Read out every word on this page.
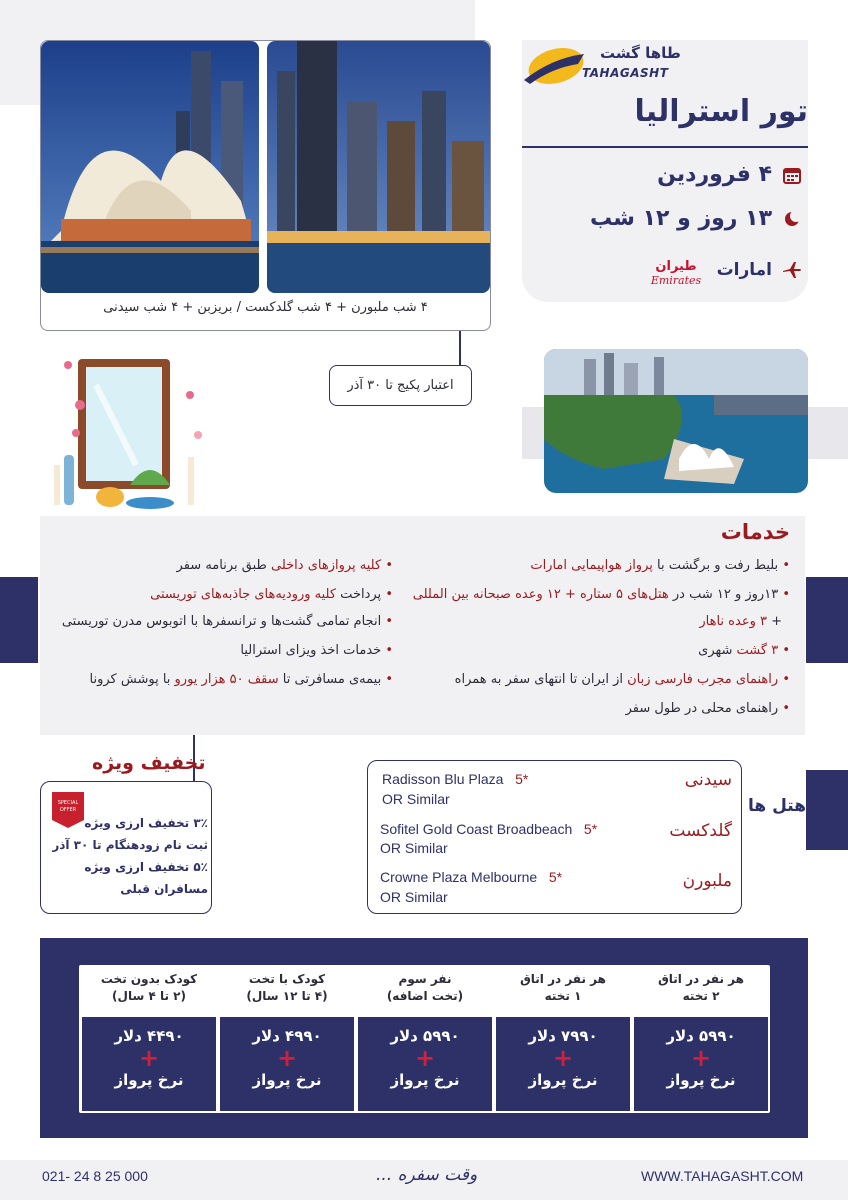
طاها گشت
TAHAGASHT
تور استرالیا
۴ فروردین
۱۳ روز و ۱۲ شب
امارات
ﻃﻴﺮﺍﻥ
Emirates
۴ شب ملبورن + ۴ شب گلدکست / بریزبن + ۴ شب سیدنی
اعتبار پکیج تا ۳۰ آذر
خدمات
• بلیط رفت و برگشت با پرواز هواپیمایی امارات
• ۱۳روز و ۱۲ شب در هتل‌های ۵ ستاره + ۱۲ وعده صبحانه بین المللی
+ ۳ وعده ناهار
• ۳ گشت شهری
• راهنمای مجرب فارسی زبان از ایران تا انتهای سفر به همراه
• راهنمای محلی در طول سفر
• کلیه پروازهای داخلی طبق برنامه سفر
• پرداخت کلیه ورودیه‌های جاذبه‌های توریستی
• انجام تمامی گشت‌ها و ترانسفرها با اتوبوس مدرن توریستی
• خدمات اخذ ویزای استرالیا
• بیمه‌ی مسافرتی تا سقف ۵۰ هزار یورو با پوشش کرونا
تخفیف ویژه
SPECIAL
OFFER
۳٪ تخفیف ارزی ویژه
ثبت نام زودهنگام تا ۳۰ آذر
۵٪ تخفیف ارزی ویژه
مسافران قبلی
هتل ها
سیدنی
Radisson Blu Plaza 5*
OR Similar
گلدکست
Sofitel Gold Coast Broadbeach 5*
OR Similar
ملبورن
Crowne Plaza Melbourne 5*
OR Similar
هر نفر در اتاق
۲ تخته
۵۹۹۰ دلار
+
نرخ پرواز
هر نفر در اتاق
۱ تخته
۷۹۹۰ دلار
+
نرخ پرواز
نفر سوم
(تخت اضافه)
۵۹۹۰ دلار
+
نرخ پرواز
کودک با تخت
(۴ تا ۱۲ سال)
۴۹۹۰ دلار
+
نرخ پرواز
کودک بدون تخت
(۲ تا ۴ سال)
۴۴۹۰ دلار
+
نرخ پرواز
021- 24 8 25 000	وقت سفره ...	WWW.TAHAGASHT.COM
